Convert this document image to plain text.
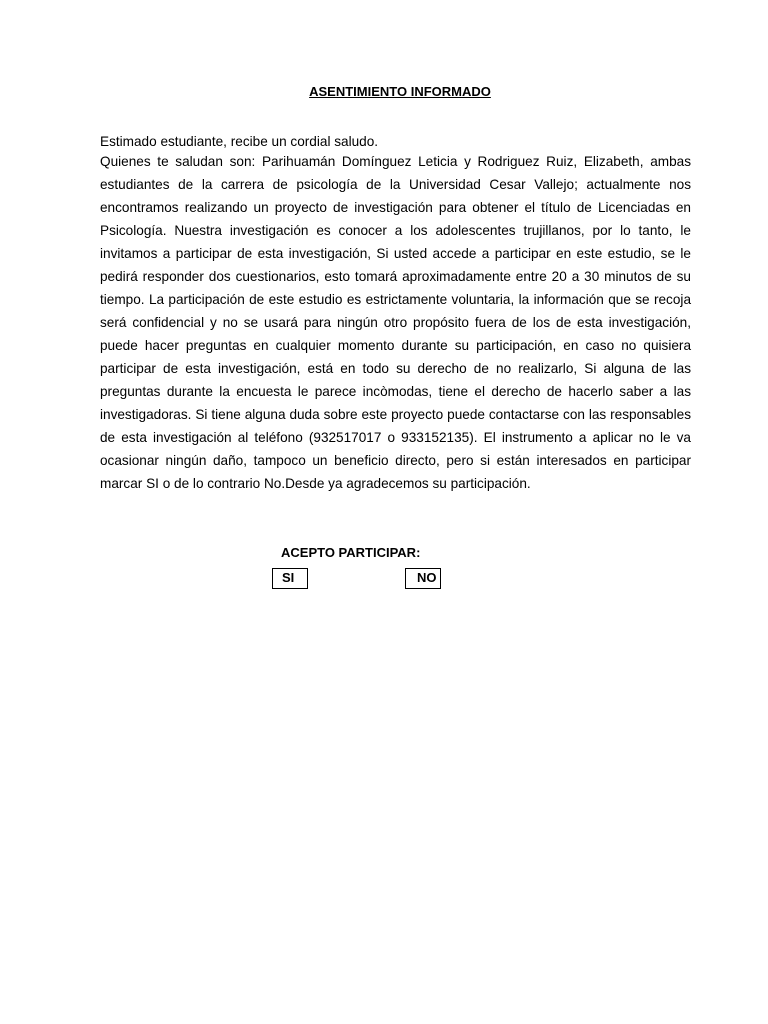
ASENTIMIENTO INFORMADO

Estimado estudiante, recibe un cordial saludo.

Quienes te saludan son: Parihuamán Domínguez Leticia y Rodriguez Ruiz, Elizabeth, ambas estudiantes de la carrera de psicología de la Universidad Cesar Vallejo; actualmente nos encontramos realizando un proyecto de investigación para obtener el título de Licenciadas en Psicología. Nuestra investigación es conocer a los adolescentes trujillanos, por lo tanto, le invitamos a participar de esta investigación, Si usted accede a participar en este estudio, se le pedirá responder dos cuestionarios, esto tomará aproximadamente entre 20 a 30 minutos de su tiempo. La participación de este estudio es estrictamente voluntaria, la información que se recoja será confidencial y no se usará para ningún otro propósito fuera de los de esta investigación, puede hacer preguntas en cualquier momento durante su participación, en caso no quisiera participar de esta investigación, está en todo su derecho de no realizarlo, Si alguna de las preguntas durante la encuesta le parece incòmodas, tiene el derecho de hacerlo saber a las investigadoras. Si tiene alguna duda sobre este proyecto puede contactarse con las responsables de esta investigación al teléfono (932517017 o 933152135). El instrumento a aplicar no le va ocasionar ningún daño, tampoco un beneficio directo, pero si están interesados en participar marcar SI o de lo contrario No.Desde ya agradecemos su participación.

ACEPTO PARTICIPAR:
SI	NO
